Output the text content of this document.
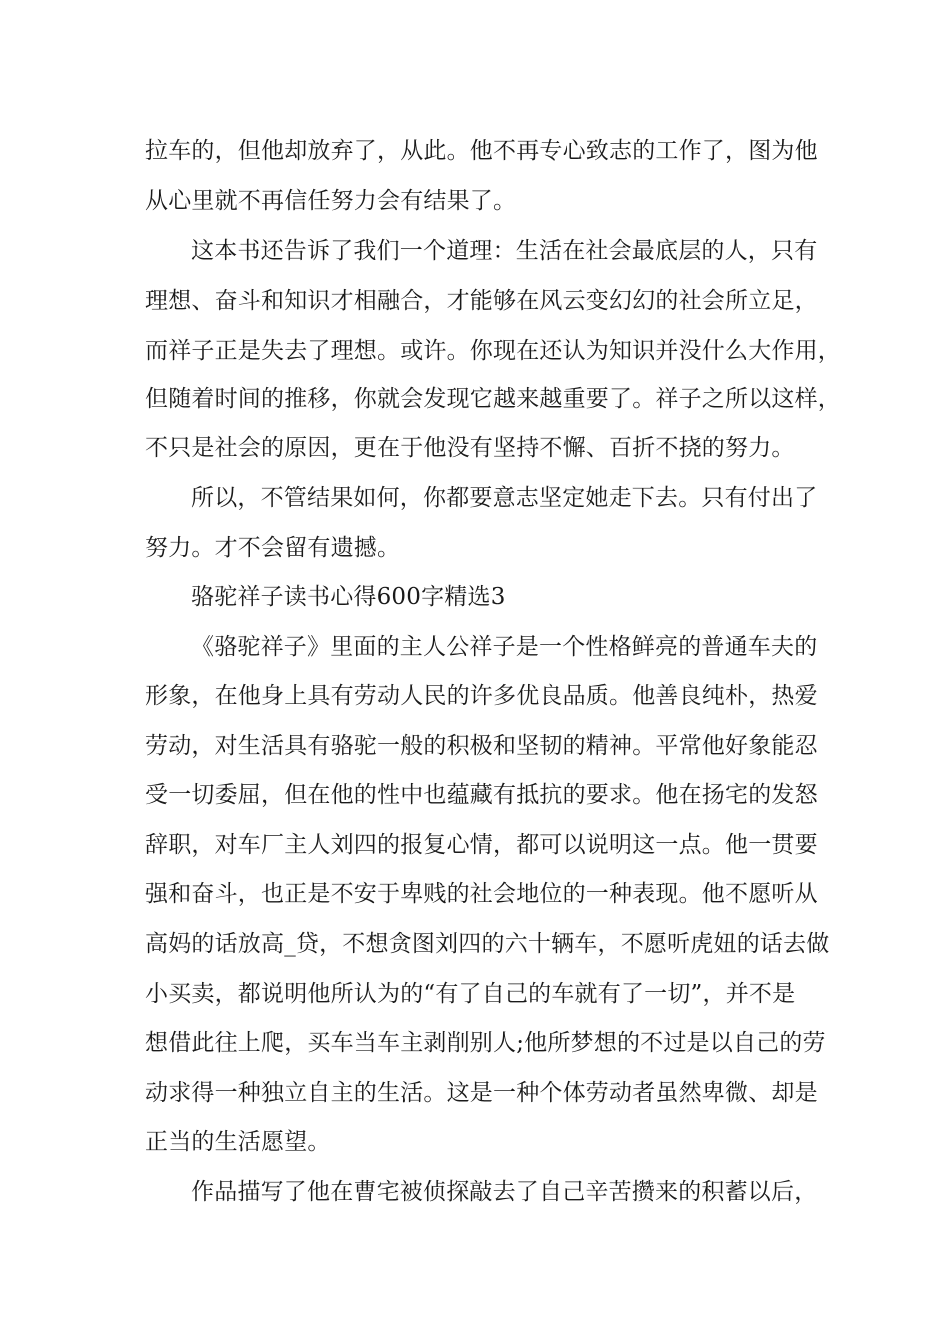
拉车的，但他却放弃了，从此。他不再专心致志的工作了，图为他
从心里就不再信任努力会有结果了。
这本书还告诉了我们一个道理：生活在社会最底层的人，只有
理想、奋斗和知识才相融合，才能够在风云变幻幻的社会所立足，
而祥子正是失去了理想。或许。你现在还认为知识并没什么大作用，
但随着时间的推移，你就会发现它越来越重要了。祥子之所以这样，
不只是社会的原因，更在于他没有坚持不懈、百折不挠的努力。
所以，不管结果如何，你都要意志坚定她走下去。只有付出了
努力。才不会留有遗撼。
骆驼祥子读书心得600字精选3
《骆驼祥子》里面的主人公祥子是一个性格鲜亮的普通车夫的
形象，在他身上具有劳动人民的许多优良品质。他善良纯朴，热爱
劳动，对生活具有骆驼一般的积极和坚韧的精神。平常他好象能忍
受一切委屈，但在他的性中也蕴藏有抵抗的要求。他在扬宅的发怒
辞职，对车厂主人刘四的报复心情，都可以说明这一点。他一贯要
强和奋斗，也正是不安于卑贱的社会地位的一种表现。他不愿听从
高妈的话放高_贷，不想贪图刘四的六十辆车，不愿听虎妞的话去做
小买卖，都说明他所认为的“有了自己的车就有了一切”，并不是
想借此往上爬，买车当车主剥削别人;他所梦想的不过是以自己的劳
动求得一种独立自主的生活。这是一种个体劳动者虽然卑微、却是
正当的生活愿望。
作品描写了他在曹宅被侦探敲去了自己辛苦攒来的积蓄以后，
